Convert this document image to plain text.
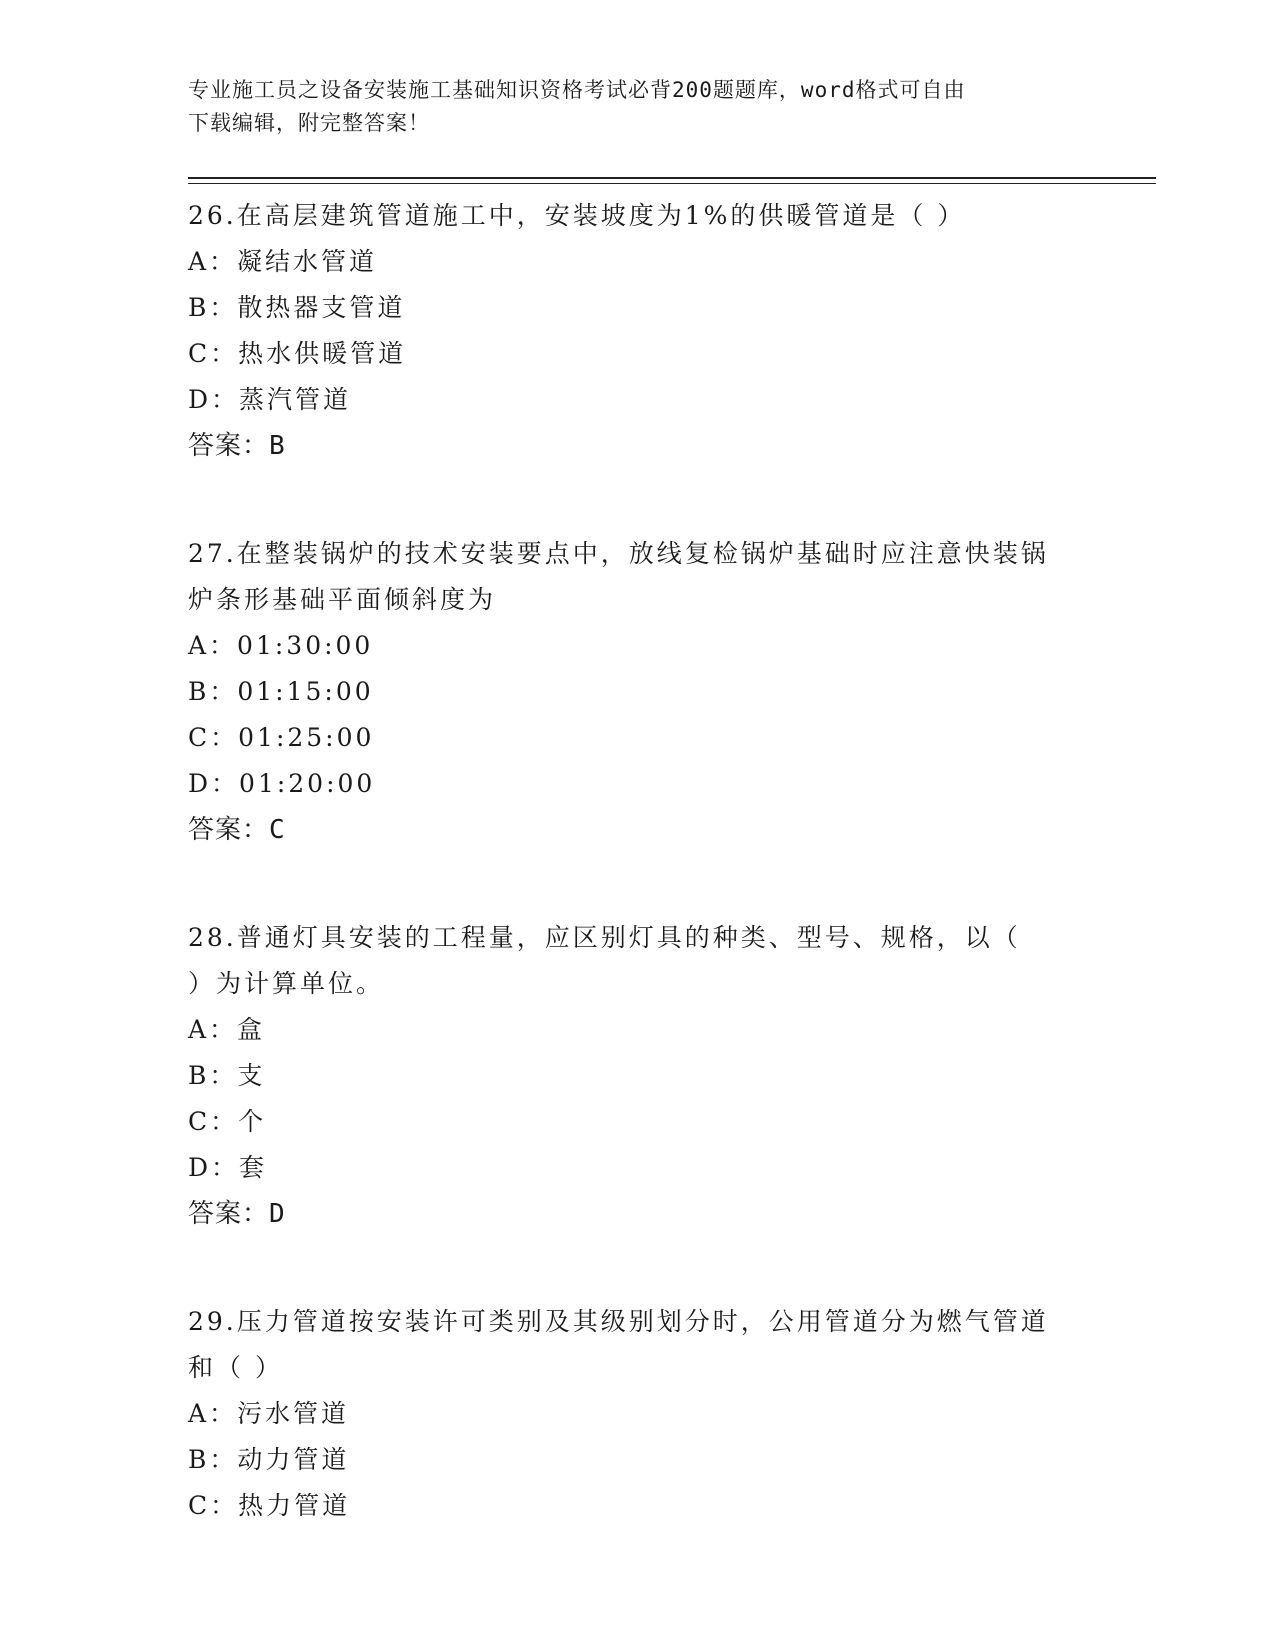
专业施工员之设备安装施工基础知识资格考试必背200题题库，word格式可自由
下载编辑，附完整答案！
26.在高层建筑管道施工中，安装坡度为1%的供暖管道是（ ）
A：凝结水管道
B：散热器支管道
C：热水供暖管道
D：蒸汽管道
答案：B
27.在整装锅炉的技术安装要点中，放线复检锅炉基础时应注意快装锅
炉条形基础平面倾斜度为
A：01:30:00
B：01:15:00
C：01:25:00
D：01:20:00
答案：C
28.普通灯具安装的工程量，应区别灯具的种类、型号、规格，以（
）为计算单位。
A：盒
B：支
C：个
D：套
答案：D
29.压力管道按安装许可类别及其级别划分时，公用管道分为燃气管道
和（ ）
A：污水管道
B：动力管道
C：热力管道
